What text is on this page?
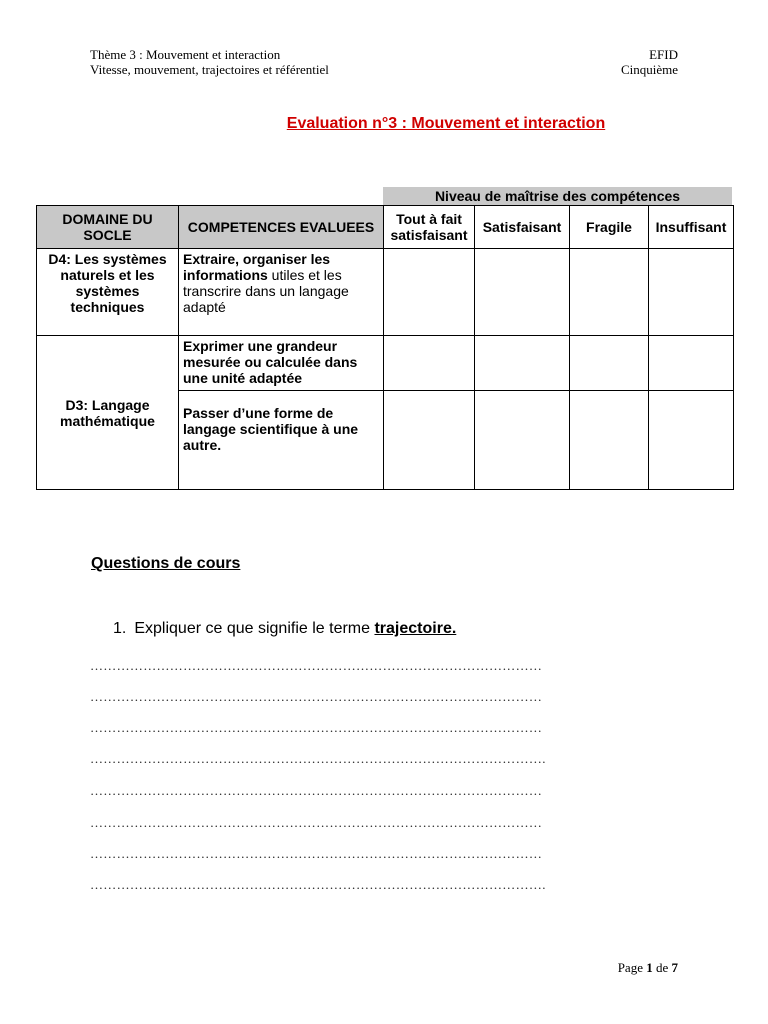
Thème 3 : Mouvement et interaction
Vitesse, mouvement, trajectoires et référentiel
EFID
Cinquième
Evaluation n°3 : Mouvement et interaction
Niveau de maîtrise des compétences
DOMAINE DU SOCLE	COMPETENCES EVALUEES	Tout à fait satisfaisant	Satisfaisant	Fragile	Insuffisant
D4: Les systèmes naturels et les systèmes techniques	Extraire, organiser les informations utiles et les transcrire dans un langage adapté				
D3: Langage mathématique	Exprimer une grandeur mesurée ou calculée dans une unité adaptée				
	Passer d’une forme de langage scientifique à une autre.				
Questions de cours
1. Expliquer ce que signifie le terme trajectoire.
…………………………………………………………………………………………
…………………………………………………………………………………………
…………………………………………………………………………………………
………………………………………………………………………………………….
…………………………………………………………………………………………
…………………………………………………………………………………………
…………………………………………………………………………………………
………………………………………………………………………………………….
Page 1 de 7
